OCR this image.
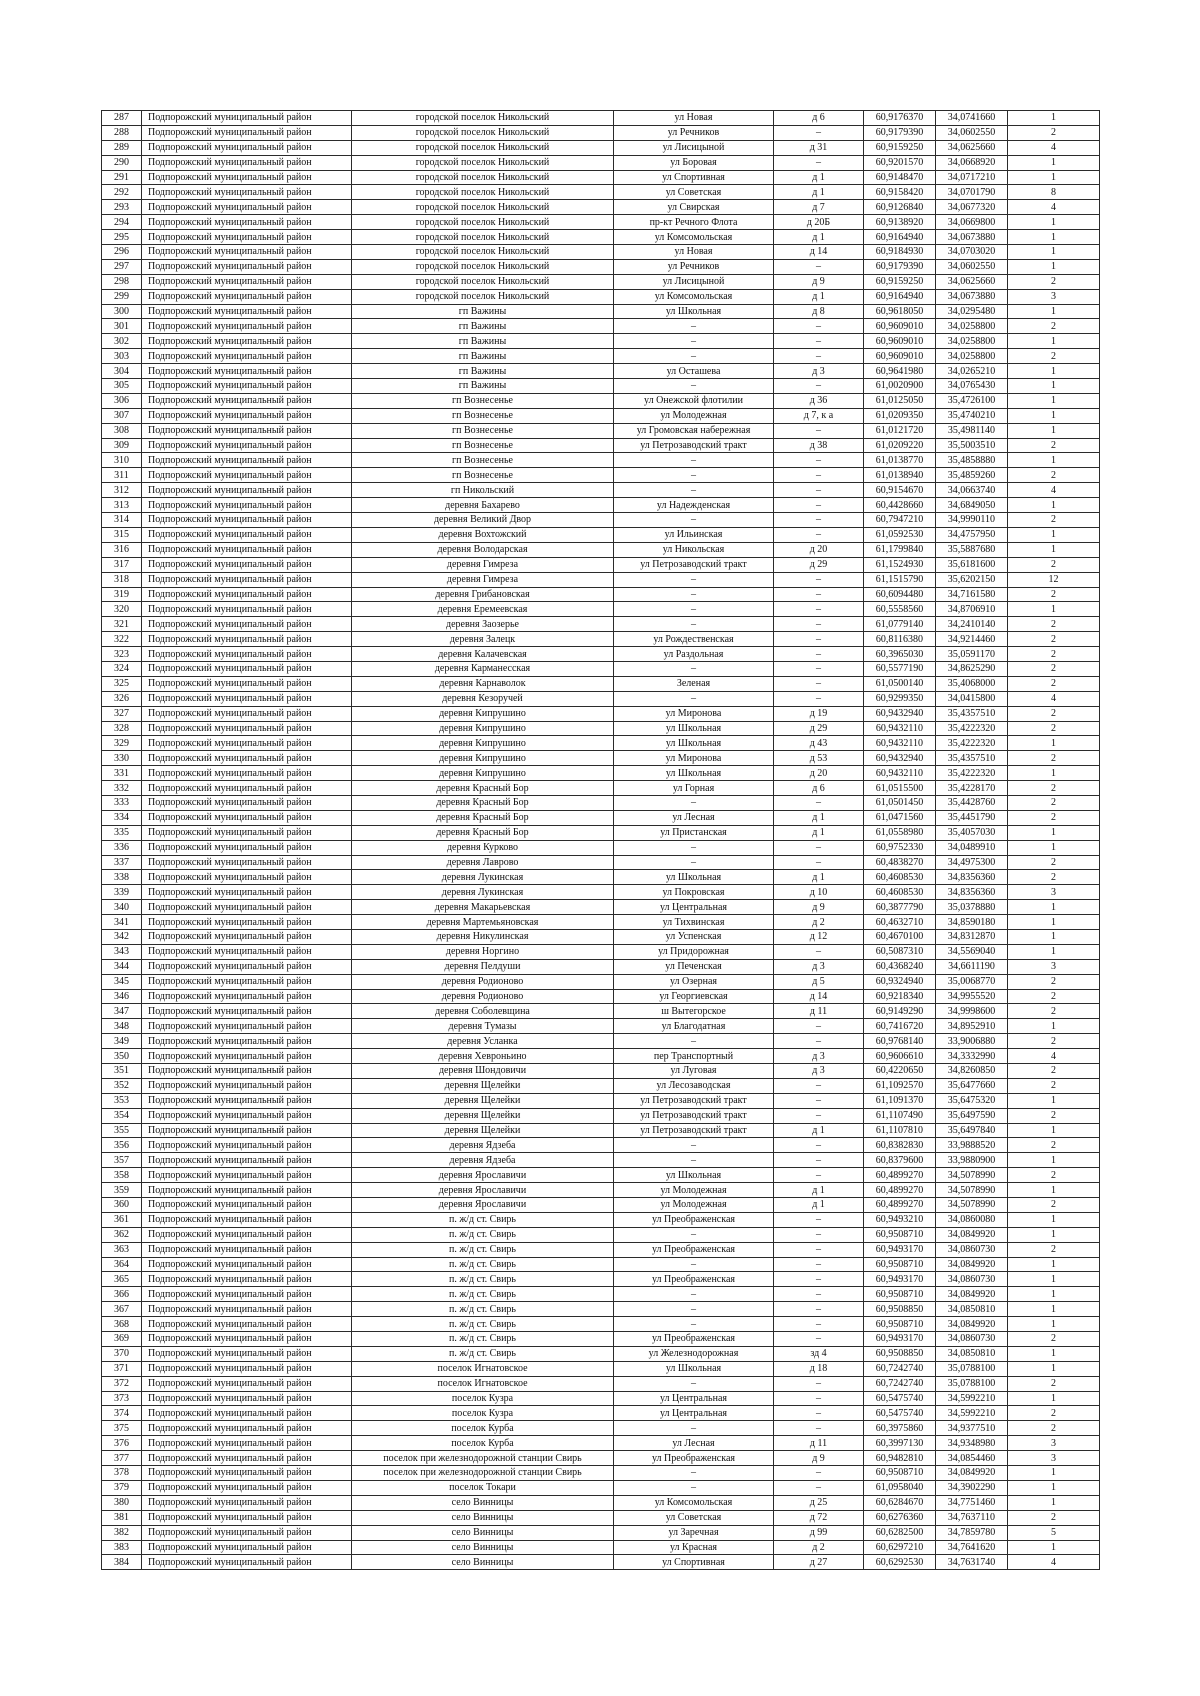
287	Подпорожский муниципальный район	городской поселок Никольский	ул Новая	д 6	60,9176370	34,0741660	1
288	Подпорожский муниципальный район	городской поселок Никольский	ул Речников	–	60,9179390	34,0602550	2
289	Подпорожский муниципальный район	городской поселок Никольский	ул Лисицыной	д 31	60,9159250	34,0625660	4
290	Подпорожский муниципальный район	городской поселок Никольский	ул Боровая	–	60,9201570	34,0668920	1
291	Подпорожский муниципальный район	городской поселок Никольский	ул Спортивная	д 1	60,9148470	34,0717210	1
292	Подпорожский муниципальный район	городской поселок Никольский	ул Советская	д 1	60,9158420	34,0701790	8
293	Подпорожский муниципальный район	городской поселок Никольский	ул Свирская	д 7	60,9126840	34,0677320	4
294	Подпорожский муниципальный район	городской поселок Никольский	пр-кт Речного Флота	д 20Б	60,9138920	34,0669800	1
295	Подпорожский муниципальный район	городской поселок Никольский	ул Комсомольская	д 1	60,9164940	34,0673880	1
296	Подпорожский муниципальный район	городской поселок Никольский	ул Новая	д 14	60,9184930	34,0703020	1
297	Подпорожский муниципальный район	городской поселок Никольский	ул Речников	–	60,9179390	34,0602550	1
298	Подпорожский муниципальный район	городской поселок Никольский	ул Лисицыной	д 9	60,9159250	34,0625660	2
299	Подпорожский муниципальный район	городской поселок Никольский	ул Комсомольская	д 1	60,9164940	34,0673880	3
300	Подпорожский муниципальный район	гп Важины	ул Школьная	д 8	60,9618050	34,0295480	1
301	Подпорожский муниципальный район	гп Важины	–	–	60,9609010	34,0258800	2
302	Подпорожский муниципальный район	гп Важины	–	–	60,9609010	34,0258800	1
303	Подпорожский муниципальный район	гп Важины	–	–	60,9609010	34,0258800	2
304	Подпорожский муниципальный район	гп Важины	ул Осташева	д 3	60,9641980	34,0265210	1
305	Подпорожский муниципальный район	гп Важины	–	–	61,0020900	34,0765430	1
306	Подпорожский муниципальный район	гп Вознесенье	ул Онежской флотилии	д 36	61,0125050	35,4726100	1
307	Подпорожский муниципальный район	гп Вознесенье	ул Молодежная	д 7, к а	61,0209350	35,4740210	1
308	Подпорожский муниципальный район	гп Вознесенье	ул Громовская набережная	–	61,0121720	35,4981140	1
309	Подпорожский муниципальный район	гп Вознесенье	ул Петрозаводский тракт	д 38	61,0209220	35,5003510	2
310	Подпорожский муниципальный район	гп Вознесенье	–	–	61,0138770	35,4858880	1
311	Подпорожский муниципальный район	гп Вознесенье	–	–	61,0138940	35,4859260	2
312	Подпорожский муниципальный район	гп Никольский	–	–	60,9154670	34,0663740	4
313	Подпорожский муниципальный район	деревня Бахарево	ул Надежденская	–	60,4428660	34,6849050	1
314	Подпорожский муниципальный район	деревня Великий Двор	–	–	60,7947210	34,9990110	2
315	Подпорожский муниципальный район	деревня Вохтожский	ул Ильинская	–	61,0592530	34,4757950	1
316	Подпорожский муниципальный район	деревня Володарская	ул Никольская	д 20	61,1799840	35,5887680	1
317	Подпорожский муниципальный район	деревня Гимреза	ул Петрозаводский тракт	д 29	61,1524930	35,6181600	2
318	Подпорожский муниципальный район	деревня Гимреза	–	–	61,1515790	35,6202150	12
319	Подпорожский муниципальный район	деревня Грибановская	–	–	60,6094480	34,7161580	2
320	Подпорожский муниципальный район	деревня Еремеевская	–	–	60,5558560	34,8706910	1
321	Подпорожский муниципальный район	деревня Заозерье	–	–	61,0779140	34,2410140	2
322	Подпорожский муниципальный район	деревня Залецк	ул Рождественская	–	60,8116380	34,9214460	2
323	Подпорожский муниципальный район	деревня Калачевская	ул Раздольная	–	60,3965030	35,0591170	2
324	Подпорожский муниципальный район	деревня Карманесская	–	–	60,5577190	34,8625290	2
325	Подпорожский муниципальный район	деревня Карнаволок	Зеленая	–	61,0500140	35,4068000	2
326	Подпорожский муниципальный район	деревня Кезоручей	–	–	60,9299350	34,0415800	4
327	Подпорожский муниципальный район	деревня Кипрушино	ул Миронова	д 19	60,9432940	35,4357510	2
328	Подпорожский муниципальный район	деревня Кипрушино	ул Школьная	д 29	60,9432110	35,4222320	2
329	Подпорожский муниципальный район	деревня Кипрушино	ул Школьная	д 43	60,9432110	35,4222320	1
330	Подпорожский муниципальный район	деревня Кипрушино	ул Миронова	д 53	60,9432940	35,4357510	2
331	Подпорожский муниципальный район	деревня Кипрушино	ул Школьная	д 20	60,9432110	35,4222320	1
332	Подпорожский муниципальный район	деревня Красный Бор	ул Горная	д 6	61,0515500	35,4228170	2
333	Подпорожский муниципальный район	деревня Красный Бор	–	–	61,0501450	35,4428760	2
334	Подпорожский муниципальный район	деревня Красный Бор	ул Лесная	д 1	61,0471560	35,4451790	2
335	Подпорожский муниципальный район	деревня Красный Бор	ул Пристанская	д 1	61,0558980	35,4057030	1
336	Подпорожский муниципальный район	деревня Курково	–	–	60,9752330	34,0489910	1
337	Подпорожский муниципальный район	деревня Лаврово	–	–	60,4838270	34,4975300	2
338	Подпорожский муниципальный район	деревня Лукинская	ул Школьная	д 1	60,4608530	34,8356360	2
339	Подпорожский муниципальный район	деревня Лукинская	ул Покровская	д 10	60,4608530	34,8356360	3
340	Подпорожский муниципальный район	деревня Макарьевская	ул Центральная	д 9	60,3877790	35,0378880	1
341	Подпорожский муниципальный район	деревня Мартемьяновская	ул Тихвинская	д 2	60,4632710	34,8590180	1
342	Подпорожский муниципальный район	деревня Никулинская	ул Успенская	д 12	60,4670100	34,8312870	1
343	Подпорожский муниципальный район	деревня Норгино	ул Придорожная	–	60,5087310	34,5569040	1
344	Подпорожский муниципальный район	деревня Пелдуши	ул Печенская	д 3	60,4368240	34,6611190	3
345	Подпорожский муниципальный район	деревня Родионово	ул Озерная	д 5	60,9324940	35,0068770	2
346	Подпорожский муниципальный район	деревня Родионово	ул Георгиевская	д 14	60,9218340	34,9955520	2
347	Подпорожский муниципальный район	деревня Соболевщина	ш Вытегорское	д 11	60,9149290	34,9998600	2
348	Подпорожский муниципальный район	деревня Тумазы	ул Благодатная	–	60,7416720	34,8952910	1
349	Подпорожский муниципальный район	деревня Усланка	–	–	60,9768140	33,9006880	2
350	Подпорожский муниципальный район	деревня Хевроньино	пер Транспортный	д 3	60,9606610	34,3332990	4
351	Подпорожский муниципальный район	деревня Шондовичи	ул Луговая	д 3	60,4220650	34,8260850	2
352	Подпорожский муниципальный район	деревня Щелейки	ул Лесозаводская	–	61,1092570	35,6477660	2
353	Подпорожский муниципальный район	деревня Щелейки	ул Петрозаводский тракт	–	61,1091370	35,6475320	1
354	Подпорожский муниципальный район	деревня Щелейки	ул Петрозаводский тракт	–	61,1107490	35,6497590	2
355	Подпорожский муниципальный район	деревня Щелейки	ул Петрозаводский тракт	д 1	61,1107810	35,6497840	1
356	Подпорожский муниципальный район	деревня Ядзеба	–	–	60,8382830	33,9888520	2
357	Подпорожский муниципальный район	деревня Ядзеба	–	–	60,8379600	33,9880900	1
358	Подпорожский муниципальный район	деревня Ярославичи	ул Школьная	–	60,4899270	34,5078990	2
359	Подпорожский муниципальный район	деревня Ярославичи	ул Молодежная	д 1	60,4899270	34,5078990	1
360	Подпорожский муниципальный район	деревня Ярославичи	ул Молодежная	д 1	60,4899270	34,5078990	2
361	Подпорожский муниципальный район	п. ж/д ст. Свирь	ул Преображенская	–	60,9493210	34,0860080	1
362	Подпорожский муниципальный район	п. ж/д ст. Свирь	–	–	60,9508710	34,0849920	1
363	Подпорожский муниципальный район	п. ж/д ст. Свирь	ул Преображенская	–	60,9493170	34,0860730	2
364	Подпорожский муниципальный район	п. ж/д ст. Свирь	–	–	60,9508710	34,0849920	1
365	Подпорожский муниципальный район	п. ж/д ст. Свирь	ул Преображенская	–	60,9493170	34,0860730	1
366	Подпорожский муниципальный район	п. ж/д ст. Свирь	–	–	60,9508710	34,0849920	1
367	Подпорожский муниципальный район	п. ж/д ст. Свирь	–	–	60,9508850	34,0850810	1
368	Подпорожский муниципальный район	п. ж/д ст. Свирь	–	–	60,9508710	34,0849920	1
369	Подпорожский муниципальный район	п. ж/д ст. Свирь	ул Преображенская	–	60,9493170	34,0860730	2
370	Подпорожский муниципальный район	п. ж/д ст. Свирь	ул Железнодорожная	зд 4	60,9508850	34,0850810	1
371	Подпорожский муниципальный район	поселок Игнатовское	ул Школьная	д 18	60,7242740	35,0788100	1
372	Подпорожский муниципальный район	поселок Игнатовское	–	–	60,7242740	35,0788100	2
373	Подпорожский муниципальный район	поселок Кузра	ул Центральная	–	60,5475740	34,5992210	1
374	Подпорожский муниципальный район	поселок Кузра	ул Центральная	–	60,5475740	34,5992210	2
375	Подпорожский муниципальный район	поселок Курба	–	–	60,3975860	34,9377510	2
376	Подпорожский муниципальный район	поселок Курба	ул Лесная	д 11	60,3997130	34,9348980	3
377	Подпорожский муниципальный район	поселок при железнодорожной станции Свирь	ул Преображенская	д 9	60,9482810	34,0854460	3
378	Подпорожский муниципальный район	поселок при железнодорожной станции Свирь	–	–	60,9508710	34,0849920	1
379	Подпорожский муниципальный район	поселок Токари	–	–	61,0958040	34,3902290	1
380	Подпорожский муниципальный район	село Винницы	ул Комсомольская	д 25	60,6284670	34,7751460	1
381	Подпорожский муниципальный район	село Винницы	ул Советская	д 72	60,6276360	34,7637110	2
382	Подпорожский муниципальный район	село Винницы	ул Заречная	д 99	60,6282500	34,7859780	5
383	Подпорожский муниципальный район	село Винницы	ул Красная	д 2	60,6297210	34,7641620	1
384	Подпорожский муниципальный район	село Винницы	ул Спортивная	д 27	60,6292530	34,7631740	4
